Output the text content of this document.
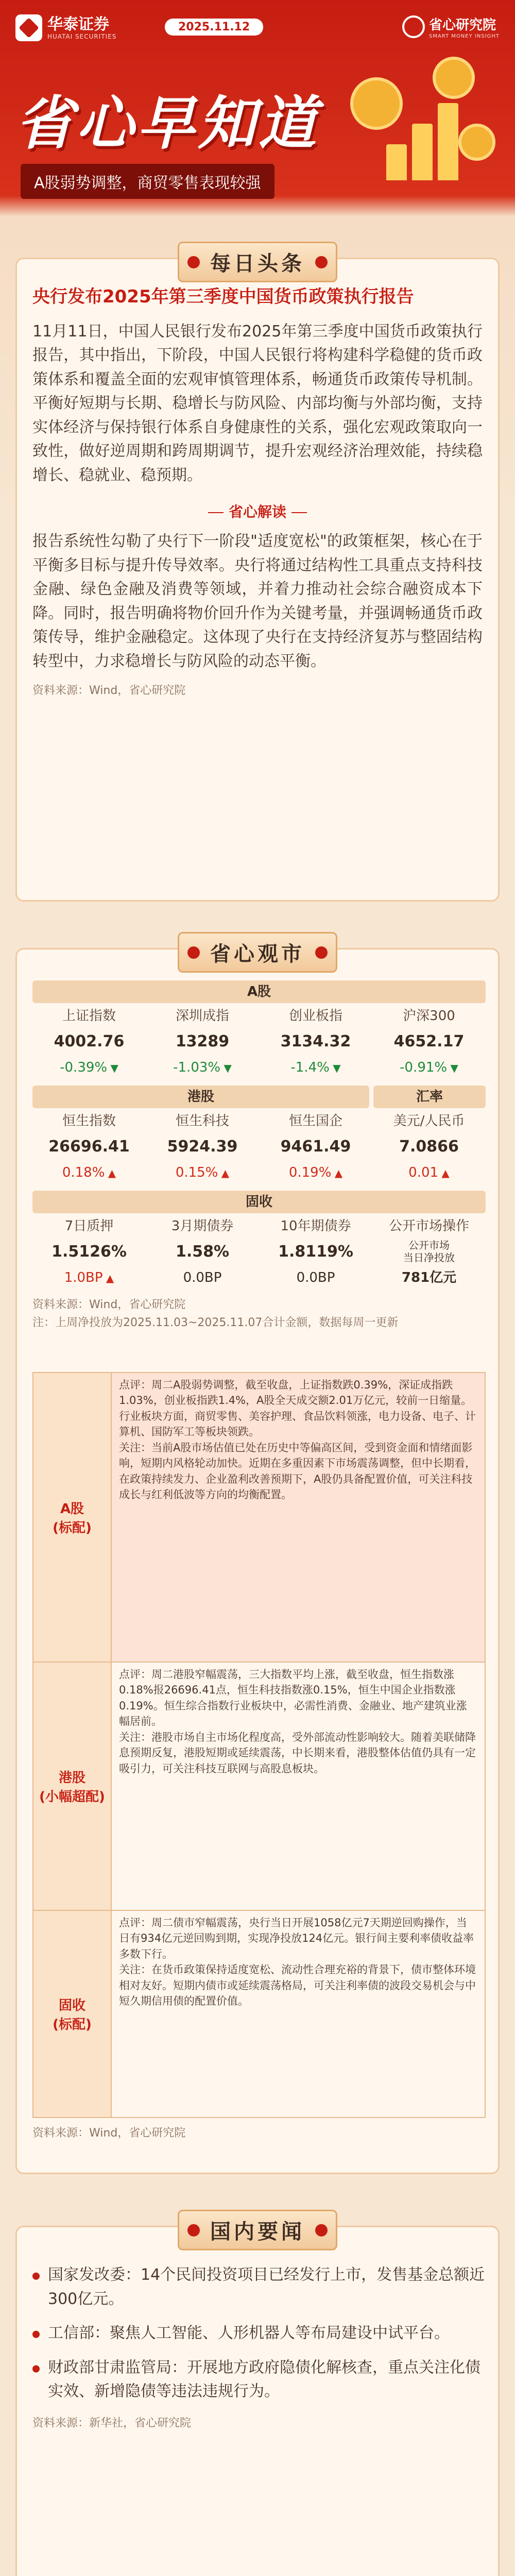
华泰证券
HUATAI SECURITIES
2025.11.12	省心研究院
SMART MONEY INSIGHT
省心早知道
A股弱势调整，商贸零售表现较强
每日头条
央行发布2025年第三季度中国货币政策执行报告
11月11日，中国人民银行发布2025年第三季度中国货币政策执行报告，其中指出，下阶段，中国人民银行将构建科学稳健的货币政策体系和覆盖全面的宏观审慎管理体系，畅通货币政策传导机制。平衡好短期与长期、稳增长与防风险、内部均衡与外部均衡，支持实体经济与保持银行体系自身健康性的关系，强化宏观政策取向一致性，做好逆周期和跨周期调节，提升宏观经济治理效能，持续稳增长、稳就业、稳预期。
省心解读
报告系统性勾勒了央行下一阶段"适度宽松"的政策框架，核心在于平衡多目标与提升传导效率。央行将通过结构性工具重点支持科技金融、绿色金融及消费等领域，并着力推动社会综合融资成本下降。同时，报告明确将物价回升作为关键考量，并强调畅通货币政策传导，维护金融稳定。这体现了央行在支持经济复苏与整固结构转型中，力求稳增长与防风险的动态平衡。
资料来源：Wind，省心研究院
省心观市
A股
上证指数	深圳成指	创业板指	沪深300
4002.76	13289	3134.32	4652.17
-0.39% ▼	-1.03% ▼	-1.4% ▼	-0.91% ▼
港股	汇率
恒生指数	恒生科技	恒生国企	美元/人民币
26696.41	5924.39	9461.49	7.0866
0.18% ▲	0.15% ▲	0.19% ▲	0.01 ▲
固收
7日质押	3月期债券	10年期债券	公开市场操作
1.5126%	1.58%	1.8119%	公开市场
当日净投放
1.0BP ▲	0.0BP	0.0BP	781亿元
资料来源：Wind，省心研究院
注：上周净投放为2025.11.03~2025.11.07合计金额，数据每周一更新
A股
(标配)
点评：周二A股弱势调整，截至收盘，上证指数跌0.39%，深证成指跌1.03%，创业板指跌1.4%，A股全天成交额2.01万亿元，较前一日缩量。行业板块方面，商贸零售、美容护理、食品饮料领涨，电力设备、电子、计算机、国防军工等板块领跌。
关注：当前A股市场估值已处在历史中等偏高区间，受到资金面和情绪面影响，短期内风格轮动加快。近期在多重因素下市场震荡调整，但中长期看，在政策持续发力、企业盈利改善预期下，A股仍具备配置价值，可关注科技成长与红利低波等方向的均衡配置。
港股
(小幅超配)
点评：周二港股窄幅震荡，三大指数平均上涨，截至收盘，恒生指数涨0.18%报26696.41点，恒生科技指数涨0.15%，恒生中国企业指数涨0.19%。恒生综合指数行业板块中，必需性消费、金融业、地产建筑业涨幅居前。
关注：港股市场自主市场化程度高，受外部流动性影响较大。随着美联储降息预期反复，港股短期或延续震荡，中长期来看，港股整体估值仍具有一定吸引力，可关注科技互联网与高股息板块。
固收
(标配)
点评：周二债市窄幅震荡，央行当日开展1058亿元7天期逆回购操作，当日有934亿元逆回购到期，实现净投放124亿元。银行间主要利率债收益率多数下行。
关注：在货币政策保持适度宽松、流动性合理充裕的背景下，债市整体环境相对友好。短期内债市或延续震荡格局，可关注利率债的波段交易机会与中短久期信用债的配置价值。
资料来源：Wind，省心研究院
国内要闻
国家发改委：14个民间投资项目已经发行上市，发售基金总额近300亿元。
工信部：聚焦人工智能、人形机器人等布局建设中试平台。
财政部甘肃监管局：开展地方政府隐债化解核查，重点关注化债实效、新增隐债等违法违规行为。
资料来源：新华社，省心研究院
